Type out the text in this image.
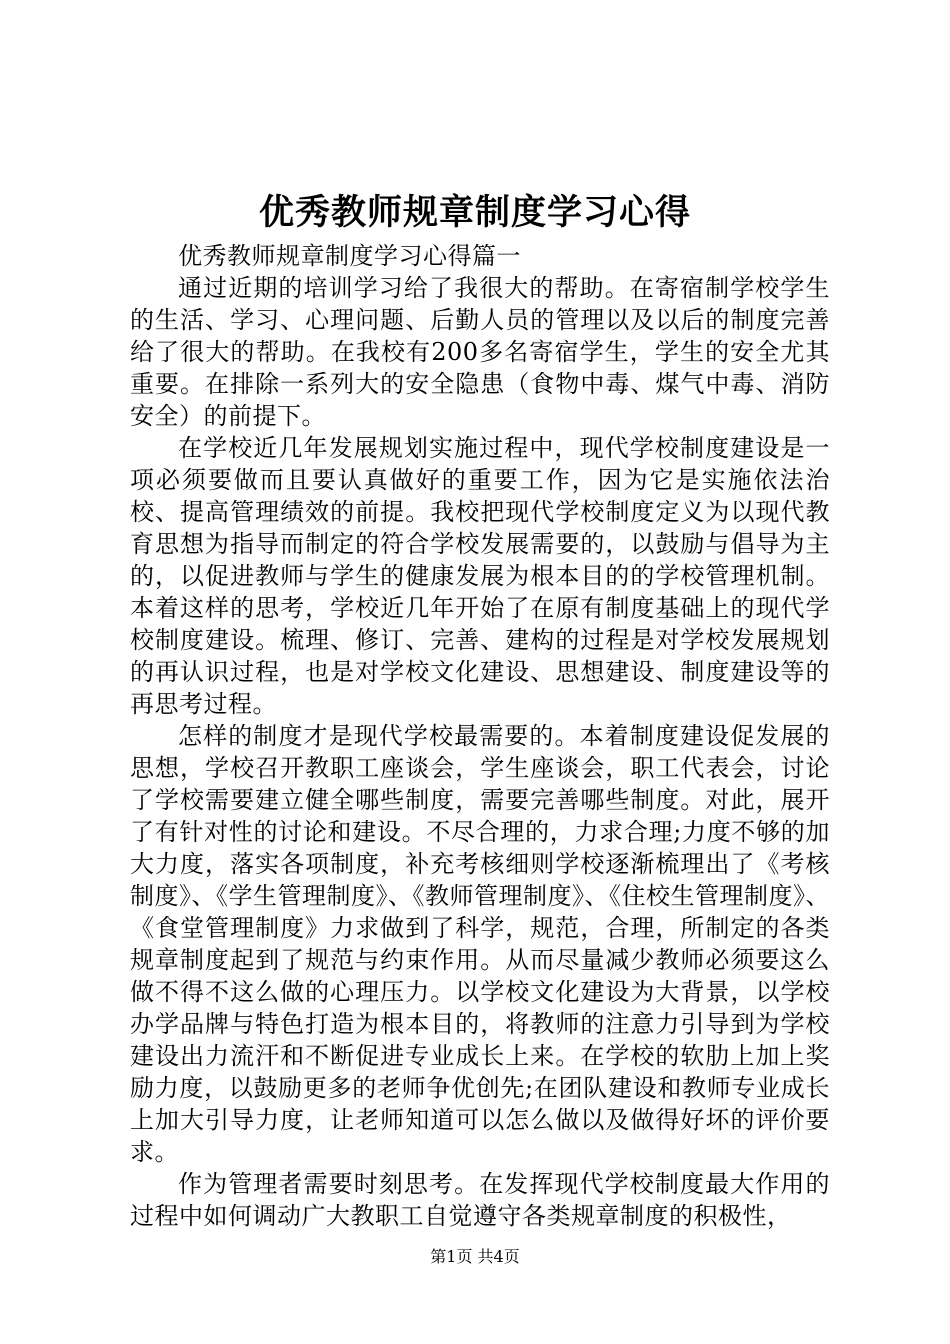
优秀教师规章制度学习心得

优秀教师规章制度学习心得篇一

通过近期的培训学习给了我很大的帮助。在寄宿制学校学生的生活、学习、心理问题、后勤人员的管理以及以后的制度完善给了很大的帮助。在我校有200多名寄宿学生，学生的安全尤其重要。在排除一系列大的安全隐患（食物中毒、煤气中毒、消防安全）的前提下。

在学校近几年发展规划实施过程中，现代学校制度建设是一项必须要做而且要认真做好的重要工作，因为它是实施依法治校、提高管理绩效的前提。我校把现代学校制度定义为以现代教育思想为指导而制定的符合学校发展需要的，以鼓励与倡导为主的，以促进教师与学生的健康发展为根本目的的学校管理机制。本着这样的思考，学校近几年开始了在原有制度基础上的现代学校制度建设。梳理、修订、完善、建构的过程是对学校发展规划的再认识过程，也是对学校文化建设、思想建设、制度建设等的再思考过程。

怎样的制度才是现代学校最需要的。本着制度建设促发展的思想，学校召开教职工座谈会，学生座谈会，职工代表会，讨论了学校需要建立健全哪些制度，需要完善哪些制度。对此，展开了有针对性的讨论和建设。不尽合理的，力求合理;力度不够的加大力度，落实各项制度，补充考核细则学校逐渐梳理出了《考核制度》、《学生管理制度》、《教师管理制度》、《住校生管理制度》、《食堂管理制度》力求做到了科学，规范，合理，所制定的各类规章制度起到了规范与约束作用。从而尽量减少教师必须要这么做不得不这么做的心理压力。以学校文化建设为大背景，以学校办学品牌与特色打造为根本目的，将教师的注意力引导到为学校建设出力流汗和不断促进专业成长上来。在学校的软肋上加上奖励力度，以鼓励更多的老师争优创先;在团队建设和教师专业成长上加大引导力度，让老师知道可以怎么做以及做得好坏的评价要求。

作为管理者需要时刻思考。在发挥现代学校制度最大作用的过程中如何调动广大教职工自觉遵守各类规章制度的积极性，

第1页 共4页
